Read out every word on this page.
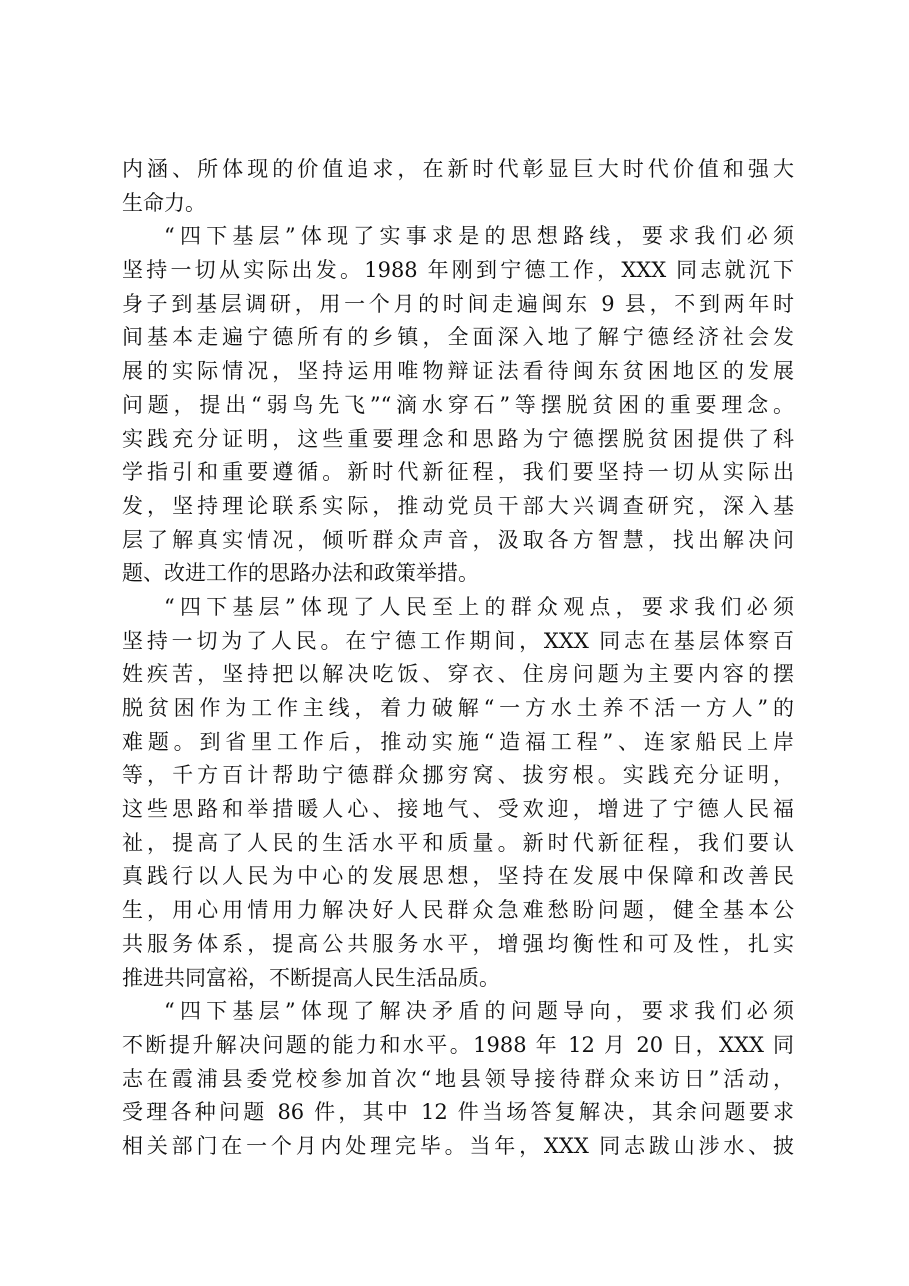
内涵、所体现的价值追求，在新时代彰显巨大时代价值和强大
生命力。
“四下基层”体现了实事求是的思想路线，要求我们必须
坚持一切从实际出发。1988 年刚到宁德工作，XXX 同志就沉下
身子到基层调研，用一个月的时间走遍闽东 9 县，不到两年时
间基本走遍宁德所有的乡镇，全面深入地了解宁德经济社会发
展的实际情况，坚持运用唯物辩证法看待闽东贫困地区的发展
问题，提出“弱鸟先飞”“滴水穿石”等摆脱贫困的重要理念。
实践充分证明，这些重要理念和思路为宁德摆脱贫困提供了科
学指引和重要遵循。新时代新征程，我们要坚持一切从实际出
发，坚持理论联系实际，推动党员干部大兴调查研究，深入基
层了解真实情况，倾听群众声音，汲取各方智慧，找出解决问
题、改进工作的思路办法和政策举措。
“四下基层”体现了人民至上的群众观点，要求我们必须
坚持一切为了人民。在宁德工作期间，XXX 同志在基层体察百
姓疾苦，坚持把以解决吃饭、穿衣、住房问题为主要内容的摆
脱贫困作为工作主线，着力破解“一方水土养不活一方人”的
难题。到省里工作后，推动实施“造福工程”、连家船民上岸
等，千方百计帮助宁德群众挪穷窝、拔穷根。实践充分证明，
这些思路和举措暖人心、接地气、受欢迎，增进了宁德人民福
祉，提高了人民的生活水平和质量。新时代新征程，我们要认
真践行以人民为中心的发展思想，坚持在发展中保障和改善民
生，用心用情用力解决好人民群众急难愁盼问题，健全基本公
共服务体系，提高公共服务水平，增强均衡性和可及性，扎实
推进共同富裕，不断提高人民生活品质。
“四下基层”体现了解决矛盾的问题导向，要求我们必须
不断提升解决问题的能力和水平。1988 年 12 月 20 日，XXX 同
志在霞浦县委党校参加首次“地县领导接待群众来访日”活动，
受理各种问题 86 件，其中 12 件当场答复解决，其余问题要求
相关部门在一个月内处理完毕。当年，XXX 同志跋山涉水、披
